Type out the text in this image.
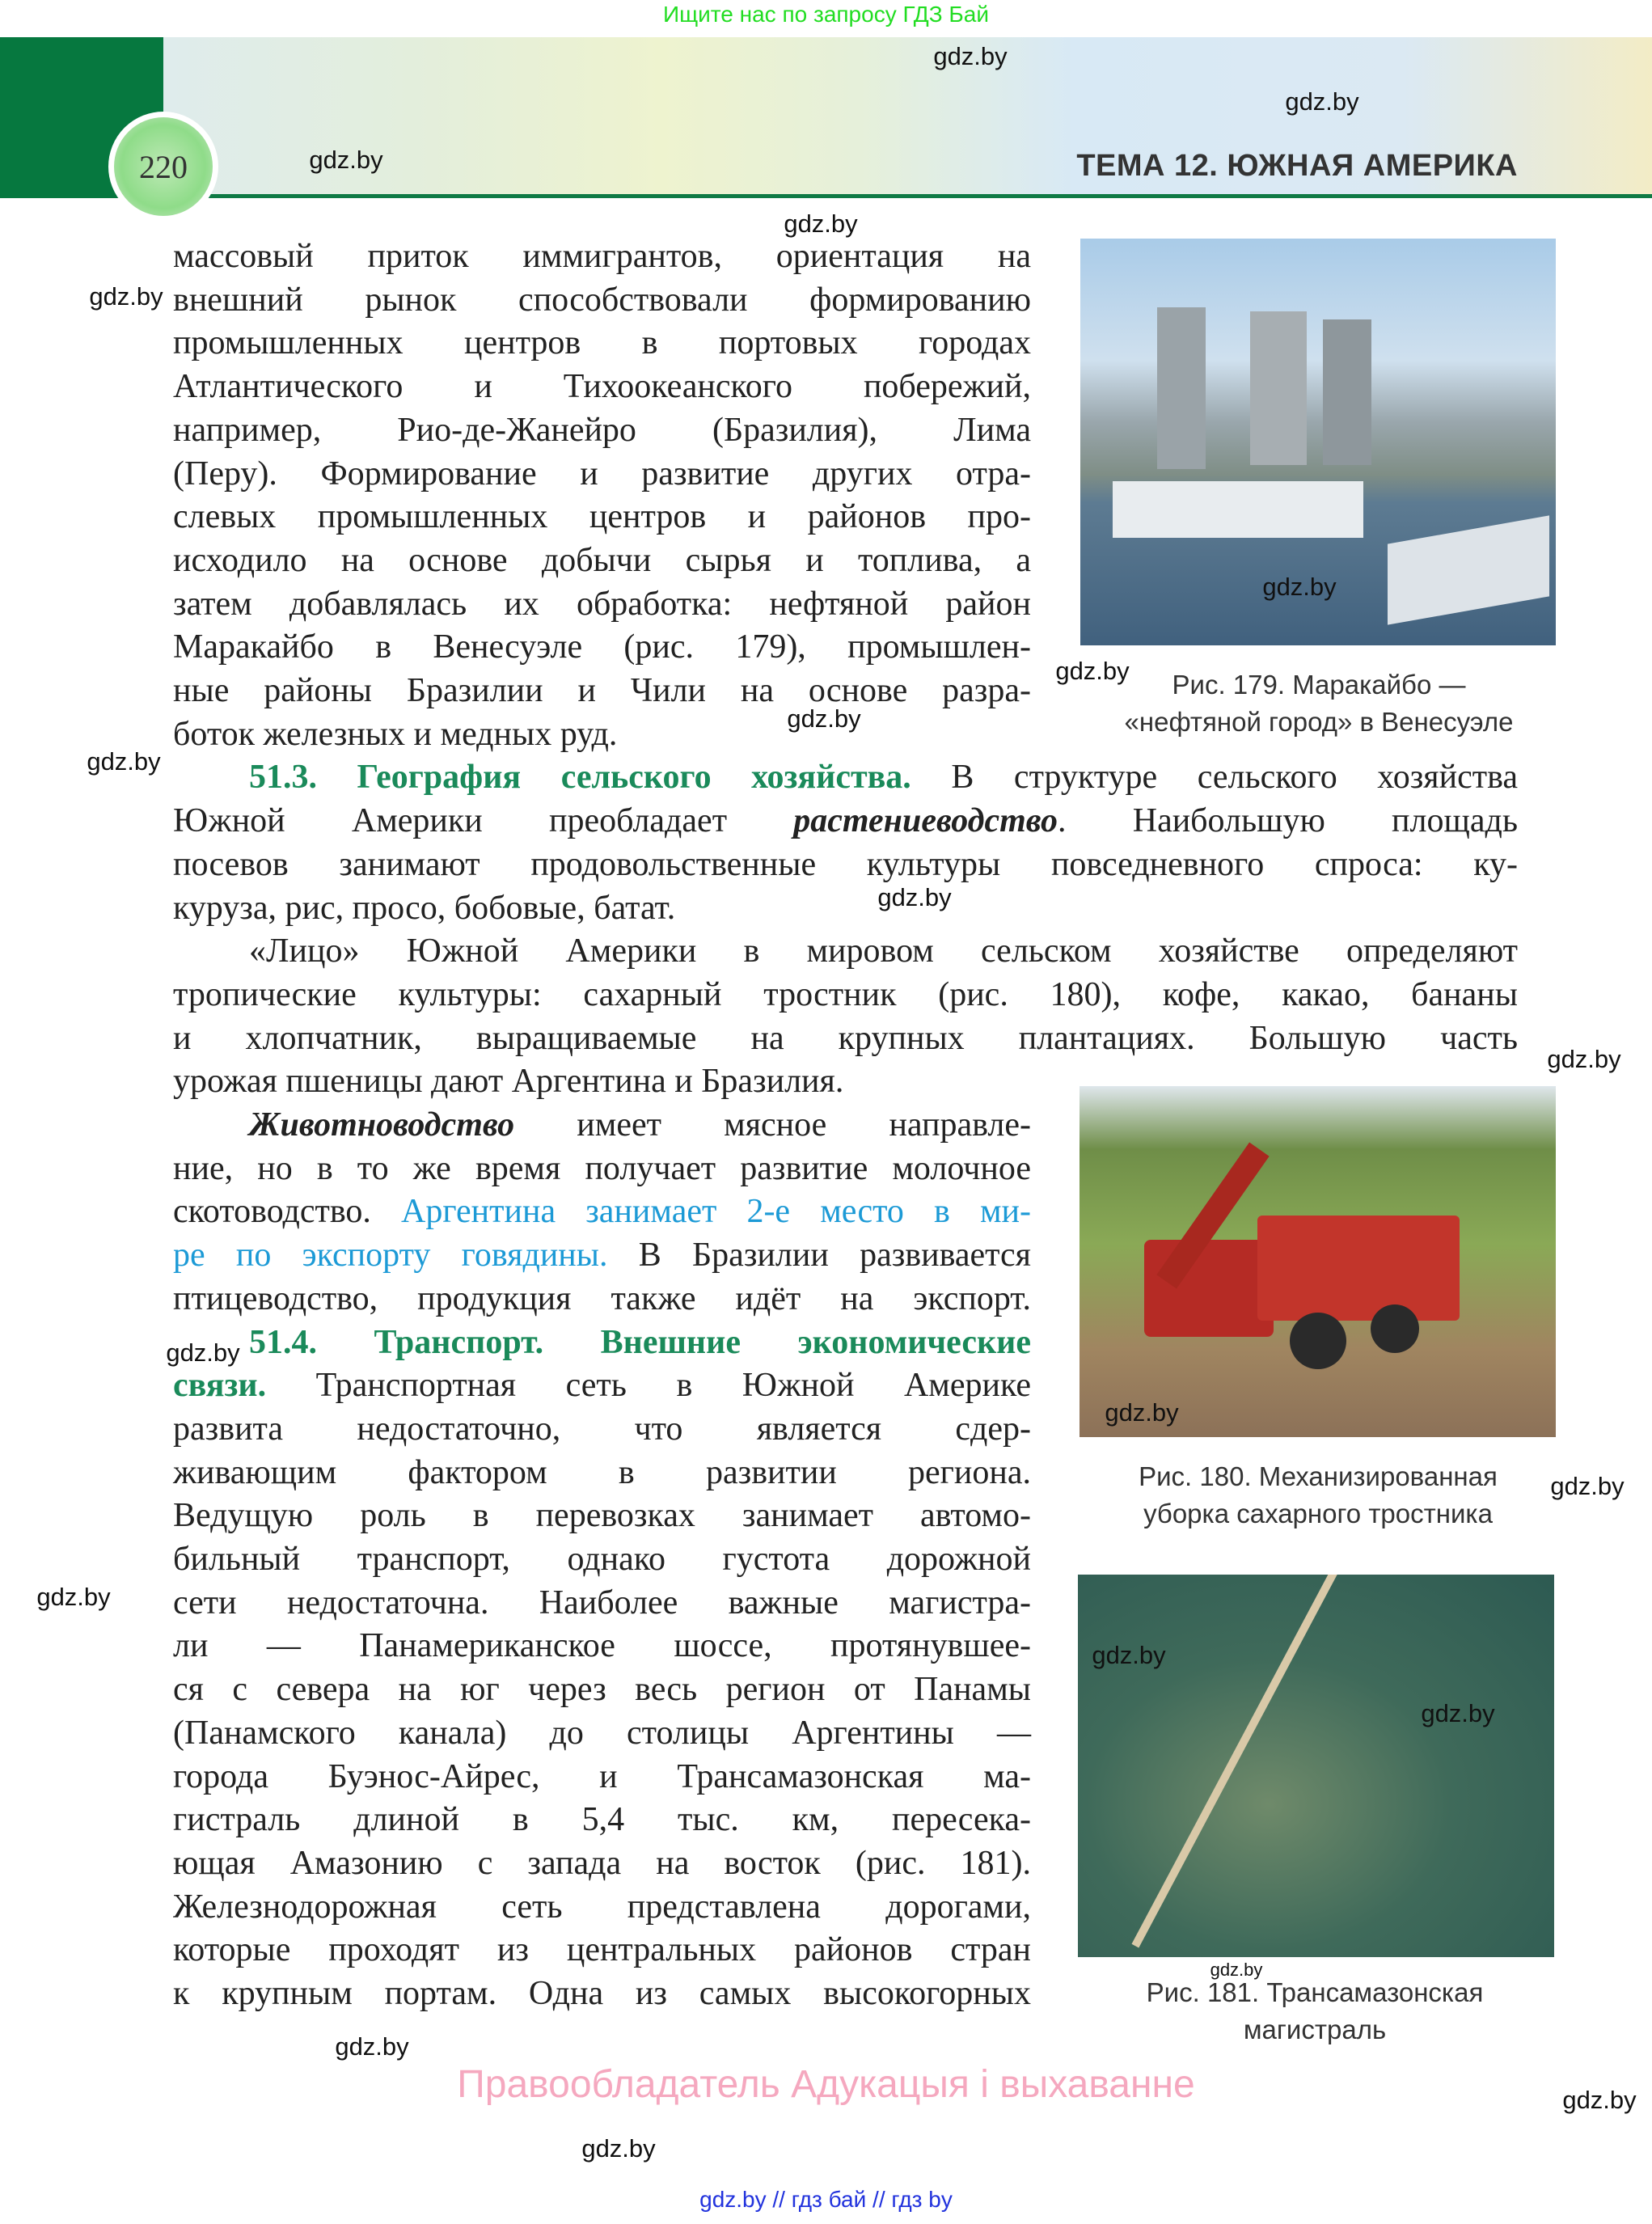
Ищите нас по запросу ГДЗ Бай
220	ТЕМА 12. ЮЖНАЯ АМЕРИКА
массовый приток иммигрантов, ориентация на
внешний рынок способствовали формированию
промышленных центров в портовых городах
Атлантического и Тихоокеанского побережий,
например, Рио-де-Жанейро (Бразилия), Лима
(Перу). Формирование и развитие других отра-
слевых промышленных центров и районов про-
исходило на основе добычи сырья и топлива, а
затем добавлялась их обработка: нефтяной район
Маракайбо в Венесуэле (рис. 179), промышлен-
ные районы Бразилии и Чили на основе разра-
боток железных и медных руд.
51.3. География сельского хозяйства. В структуре сельского хозяйства
Южной Америки преобладает растениеводство. Наибольшую площадь
посевов занимают продовольственные культуры повседневного спроса: ку-
куруза, рис, просо, бобовые, батат.
«Лицо» Южной Америки в мировом сельском хозяйстве определяют
тропические культуры: сахарный тростник (рис. 180), кофе, какао, бананы
и хлопчатник, выращиваемые на крупных плантациях. Большую часть
урожая пшеницы дают Аргентина и Бразилия.
Животноводство имеет мясное направле-
ние, но в то же время получает развитие молочное
скотоводство. Аргентина занимает 2-е место в ми-
ре по экспорту говядины. В Бразилии развивается
птицеводство, продукция также идёт на экспорт.
51.4. Транспорт. Внешние экономические
связи. Транспортная сеть в Южной Америке
развита недостаточно, что является сдер-
живающим фактором в развитии региона.
Ведущую роль в перевозках занимает автомо-
бильный транспорт, однако густота дорожной
сети недостаточна. Наиболее важные магистра-
ли — Панамериканское шоссе, протянувшее-
ся с севера на юг через весь регион от Панамы
(Панамского канала) до столицы Аргентины —
города Буэнос-Айрес, и Трансамазонская ма-
гистраль длиной в 5,4 тыс. км, пересека-
ющая Амазонию с запада на восток (рис. 181).
Железнодорожная сеть представлена дорогами,
которые проходят из центральных районов стран
к крупным портам. Одна из самых высокогорных
Рис. 179. Маракайбо —
«нефтяной город» в Венесуэле
Рис. 180. Механизированная
уборка сахарного тростника
Рис. 181. Трансамазонская магистраль
gdz.by
gdz.by
gdz.by
gdz.by
gdz.by
gdz.by
gdz.by
gdz.by
gdz.by
gdz.by
gdz.by
gdz.by
gdz.by
gdz.by
gdz.by
gdz.by
gdz.by
gdz.by
gdz.by
gdz.by
gdz.by
Правообладатель Адукацыя і выхаванне
gdz.by // гдз бай // гдз by
